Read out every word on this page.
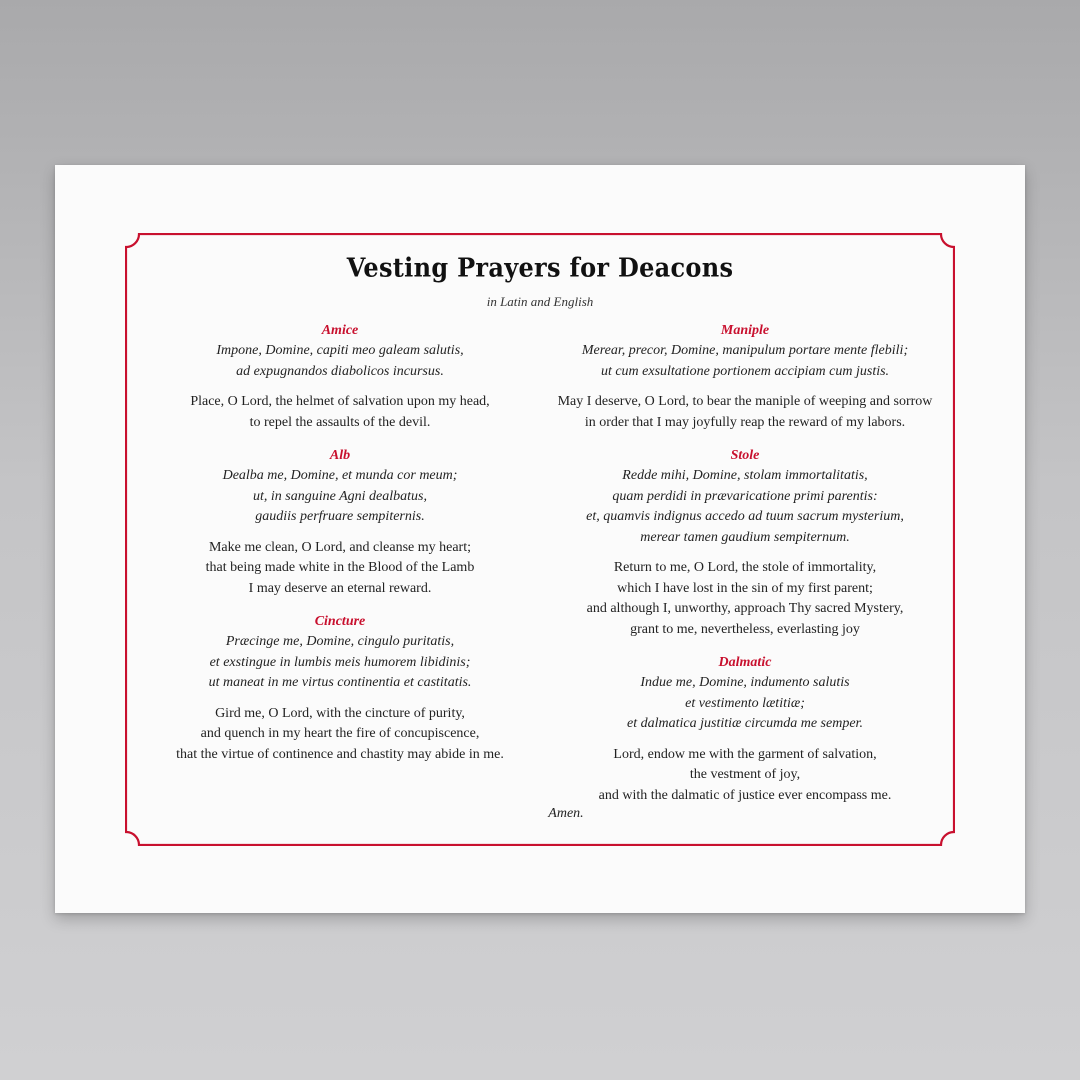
Vesting Prayers for Deacons
in Latin and English
Amice
Impone, Domine, capiti meo galeam salutis,
ad expugnandos diabolicos incursus.
Place, O Lord, the helmet of salvation upon my head,
to repel the assaults of the devil.
Alb
Dealba me, Domine, et munda cor meum;
ut, in sanguine Agni dealbatus,
gaudiis perfruare sempiternis.
Make me clean, O Lord, and cleanse my heart;
that being made white in the Blood of the Lamb
I may deserve an eternal reward.
Cincture
Præcinge me, Domine, cingulo puritatis,
et exstingue in lumbis meis humorem libidinis;
ut maneat in me virtus continentia et castitatis.
Gird me, O Lord, with the cincture of purity,
and quench in my heart the fire of concupiscence,
that the virtue of continence and chastity may abide in me.
Maniple
Merear, precor, Domine, manipulum portare mente flebili;
ut cum exsultatione portionem accipiam cum justis.
May I deserve, O Lord, to bear the maniple of weeping and sorrow
in order that I may joyfully reap the reward of my labors.
Stole
Redde mihi, Domine, stolam immortalitatis,
quam perdidi in prævaricatione primi parentis:
et, quamvis indignus accedo ad tuum sacrum mysterium,
merear tamen gaudium sempiternum.
Return to me, O Lord, the stole of immortality,
which I have lost in the sin of my first parent;
and although I, unworthy, approach Thy sacred Mystery,
grant to me, nevertheless, everlasting joy
Dalmatic
Indue me, Domine, indumento salutis
et vestimento lætitiæ;
et dalmatica justitiæ circumda me semper.
Lord, endow me with the garment of salvation,
the vestment of joy,
and with the dalmatic of justice ever encompass me.
Amen.
